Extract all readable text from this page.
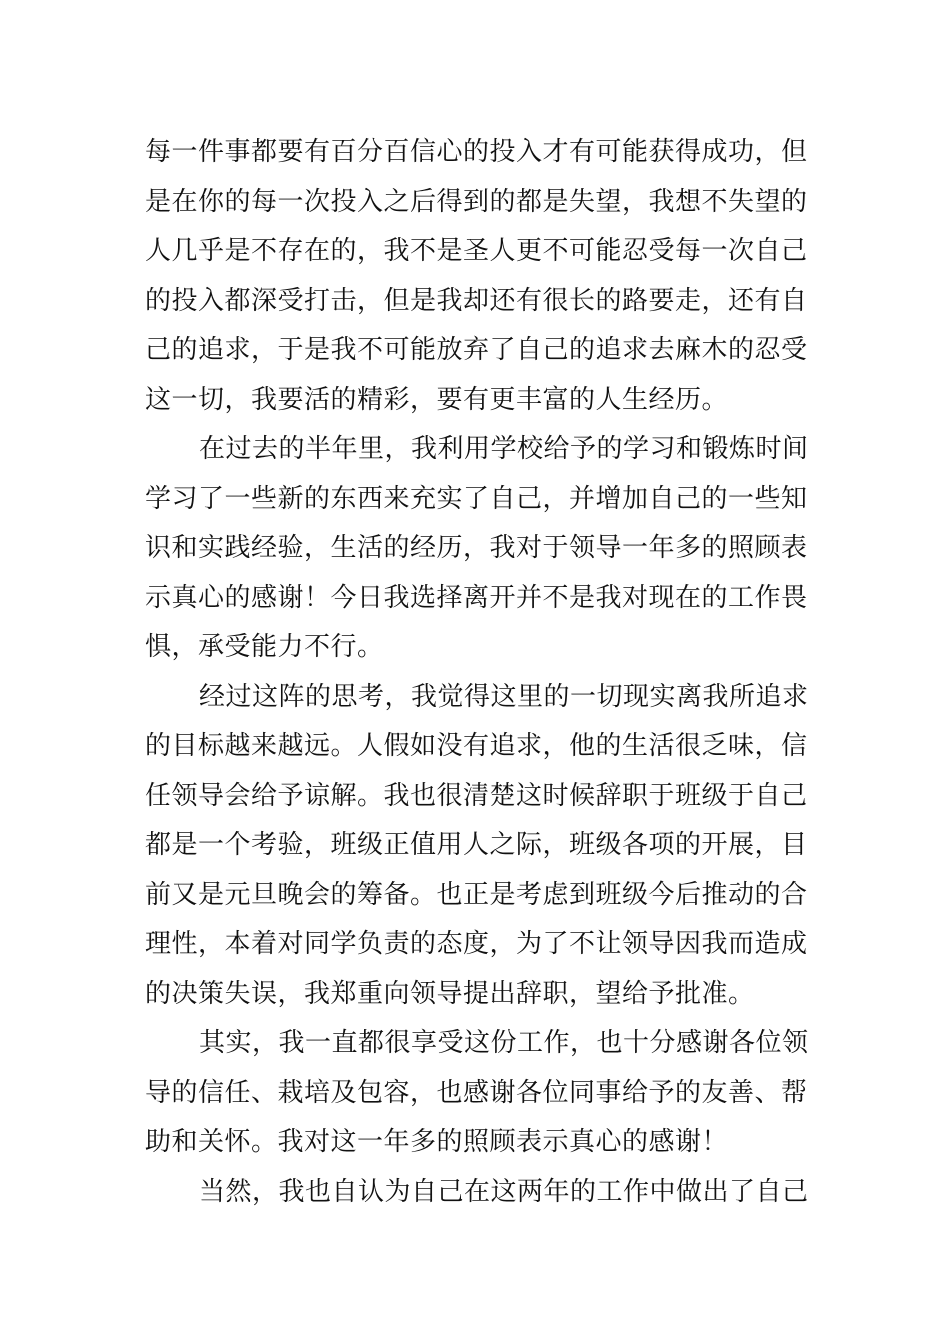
每一件事都要有百分百信心的投入才有可能获得成功，但
是在你的每一次投入之后得到的都是失望，我想不失望的
人几乎是不存在的，我不是圣人更不可能忍受每一次自己
的投入都深受打击，但是我却还有很长的路要走，还有自
己的追求，于是我不可能放弃了自己的追求去麻木的忍受
这一切，我要活的精彩，要有更丰富的人生经历。
在过去的半年里，我利用学校给予的学习和锻炼时间
学习了一些新的东西来充实了自己，并增加自己的一些知
识和实践经验，生活的经历，我对于领导一年多的照顾表
示真心的感谢！今日我选择离开并不是我对现在的工作畏
惧，承受能力不行。
经过这阵的思考，我觉得这里的一切现实离我所追求
的目标越来越远。人假如没有追求，他的生活很乏味，信
任领导会给予谅解。我也很清楚这时候辞职于班级于自己
都是一个考验，班级正值用人之际，班级各项的开展，目
前又是元旦晚会的筹备。也正是考虑到班级今后推动的合
理性，本着对同学负责的态度，为了不让领导因我而造成
的决策失误，我郑重向领导提出辞职，望给予批准。
其实，我一直都很享受这份工作，也十分感谢各位领
导的信任、栽培及包容，也感谢各位同事给予的友善、帮
助和关怀。我对这一年多的照顾表示真心的感谢！
当然，我也自认为自己在这两年的工作中做出了自己
